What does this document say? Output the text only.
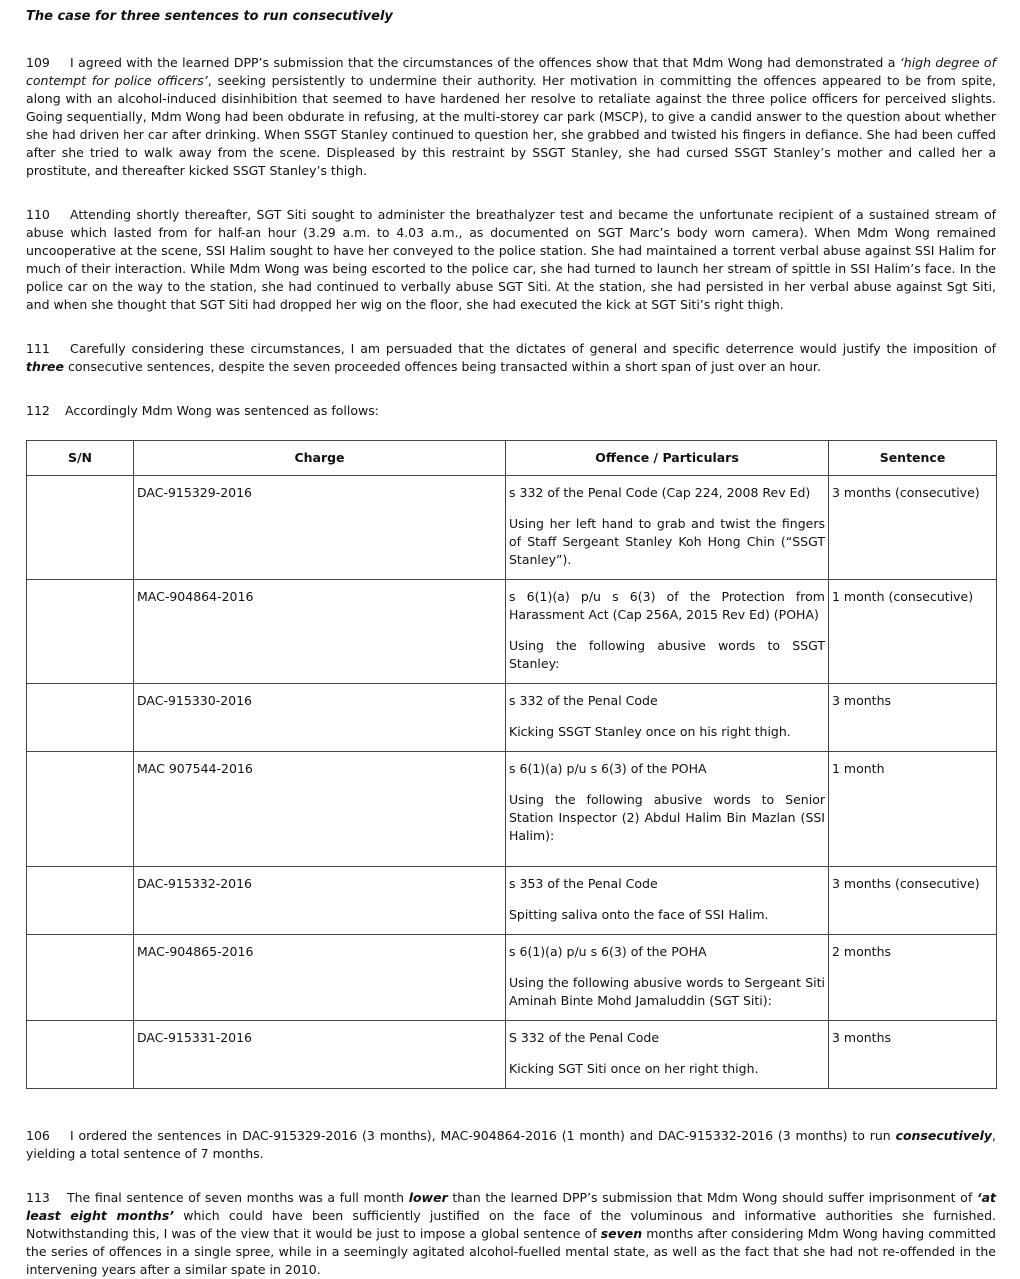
The case for three sentences to run consecutively

109 I agreed with the learned DPP’s submission that the circumstances of the offences show that that Mdm Wong had demonstrated a ‘high degree of contempt for police officers’, seeking persistently to undermine their authority. Her motivation in committing the offences appeared to be from spite, along with an alcohol-induced disinhibition that seemed to have hardened her resolve to retaliate against the three police officers for perceived slights. Going sequentially, Mdm Wong had been obdurate in refusing, at the multi-storey car park (MSCP), to give a candid answer to the question about whether she had driven her car after drinking. When SSGT Stanley continued to question her, she grabbed and twisted his fingers in defiance. She had been cuffed after she tried to walk away from the scene. Displeased by this restraint by SSGT Stanley, she had cursed SSGT Stanley’s mother and called her a prostitute, and thereafter kicked SSGT Stanley’s thigh.

110 Attending shortly thereafter, SGT Siti sought to administer the breathalyzer test and became the unfortunate recipient of a sustained stream of abuse which lasted from for half-an hour (3.29 a.m. to 4.03 a.m., as documented on SGT Marc’s body worn camera). When Mdm Wong remained uncooperative at the scene, SSI Halim sought to have her conveyed to the police station. She had maintained a torrent verbal abuse against SSI Halim for much of their interaction. While Mdm Wong was being escorted to the police car, she had turned to launch her stream of spittle in SSI Halim’s face. In the police car on the way to the station, she had continued to verbally abuse SGT Siti. At the station, she had persisted in her verbal abuse against Sgt Siti, and when she thought that SGT Siti had dropped her wig on the floor, she had executed the kick at SGT Siti’s right thigh.

111 Carefully considering these circumstances, I am persuaded that the dictates of general and specific deterrence would justify the imposition of three consecutive sentences, despite the seven proceeded offences being transacted within a short span of just over an hour.

112 Accordingly Mdm Wong was sentenced as follows:

S/N	Charge	Offence / Particulars	Sentence

	DAC-915329-2016	s 332 of the Penal Code (Cap 224, 2008 Rev Ed)
Using her left hand to grab and twist the fingers of Staff Sergeant Stanley Koh Hong Chin (“SSGT Stanley”).	3 months (consecutive)

	MAC-904864-2016	s 6(1)(a) p/u s 6(3) of the Protection from Harassment Act (Cap 256A, 2015 Rev Ed) (POHA)
Using the following abusive words to SSGT Stanley:	1 month (consecutive)

	DAC-915330-2016	s 332 of the Penal Code
Kicking SSGT Stanley once on his right thigh.	3 months

	MAC 907544-2016	s 6(1)(a) p/u s 6(3) of the POHA
Using the following abusive words to Senior Station Inspector (2) Abdul Halim Bin Mazlan (SSI Halim):	1 month

	DAC-915332-2016	s 353 of the Penal Code
Spitting saliva onto the face of SSI Halim.	3 months (consecutive)

	MAC-904865-2016	s 6(1)(a) p/u s 6(3) of the POHA
Using the following abusive words to Sergeant Siti Aminah Binte Mohd Jamaluddin (SGT Siti):	2 months

	DAC-915331-2016	S 332 of the Penal Code
Kicking SGT Siti once on her right thigh.	3 months

106 I ordered the sentences in DAC-915329-2016 (3 months), MAC-904864-2016 (1 month) and DAC-915332-2016 (3 months) to run consecutively, yielding a total sentence of 7 months.

113 The final sentence of seven months was a full month lower than the learned DPP’s submission that Mdm Wong should suffer imprisonment of ‘at least eight months’ which could have been sufficiently justified on the face of the voluminous and informative authorities she furnished. Notwithstanding this, I was of the view that it would be just to impose a global sentence of seven months after considering Mdm Wong having committed the series of offences in a single spree, while in a seemingly agitated alcohol-fuelled mental state, as well as the fact that she had not re-offended in the intervening years after a similar spate in 2010.
